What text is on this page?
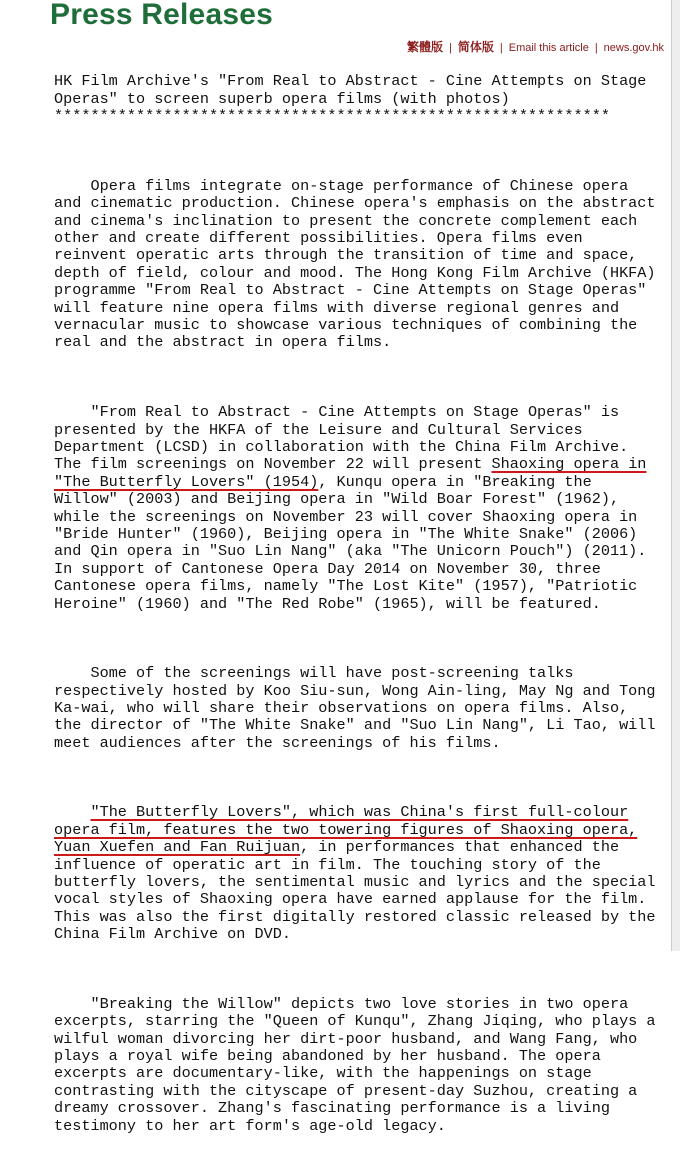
Press Releases
繁體版 | 简体版 | Email this article | news.gov.hk

HK Film Archive's "From Real to Abstract - Cine Attempts on Stage
Operas" to screen superb opera films (with photos)
*************************************************************

Opera films integrate on-stage performance of Chinese opera
and cinematic production. Chinese opera's emphasis on the abstract
and cinema's inclination to present the concrete complement each
other and create different possibilities. Opera films even
reinvent operatic arts through the transition of time and space,
depth of field, colour and mood. The Hong Kong Film Archive (HKFA)
programme "From Real to Abstract - Cine Attempts on Stage Operas"
will feature nine opera films with diverse regional genres and
vernacular music to showcase various techniques of combining the
real and the abstract in opera films.

"From Real to Abstract - Cine Attempts on Stage Operas" is
presented by the HKFA of the Leisure and Cultural Services
Department (LCSD) in collaboration with the China Film Archive.
The film screenings on November 22 will present Shaoxing opera in
"The Butterfly Lovers" (1954), Kunqu opera in "Breaking the
Willow" (2003) and Beijing opera in "Wild Boar Forest" (1962),
while the screenings on November 23 will cover Shaoxing opera in
"Bride Hunter" (1960), Beijing opera in "The White Snake" (2006)
and Qin opera in "Suo Lin Nang" (aka "The Unicorn Pouch") (2011).
In support of Cantonese Opera Day 2014 on November 30, three
Cantonese opera films, namely "The Lost Kite" (1957), "Patriotic
Heroine" (1960) and "The Red Robe" (1965), will be featured.

Some of the screenings will have post-screening talks
respectively hosted by Koo Siu-sun, Wong Ain-ling, May Ng and Tong
Ka-wai, who will share their observations on opera films. Also,
the director of "The White Snake" and "Suo Lin Nang", Li Tao, will
meet audiences after the screenings of his films.

"The Butterfly Lovers", which was China's first full-colour
opera film, features the two towering figures of Shaoxing opera,
Yuan Xuefen and Fan Ruijuan, in performances that enhanced the
influence of operatic art in film. The touching story of the
butterfly lovers, the sentimental music and lyrics and the special
vocal styles of Shaoxing opera have earned applause for the film.
This was also the first digitally restored classic released by the
China Film Archive on DVD.

"Breaking the Willow" depicts two love stories in two opera
excerpts, starring the "Queen of Kunqu", Zhang Jiqing, who plays a
wilful woman divorcing her dirt-poor husband, and Wang Fang, who
plays a royal wife being abandoned by her husband. The opera
excerpts are documentary-like, with the happenings on stage
contrasting with the cityscape of present-day Suzhou, creating a
dreamy crossover. Zhang's fascinating performance is a living
testimony to her art form's age-old legacy.
